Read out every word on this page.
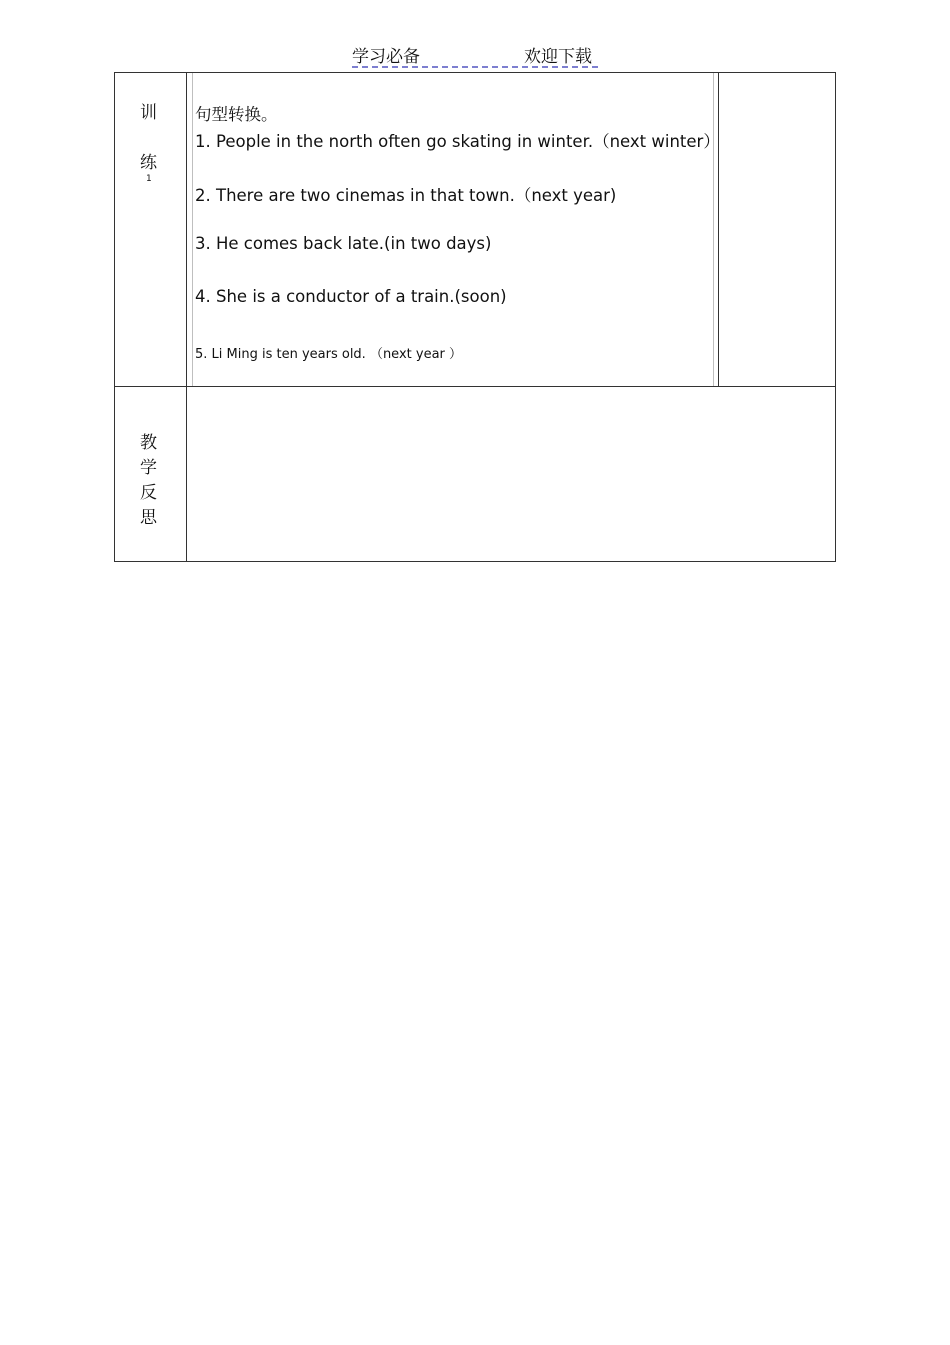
学习必备	欢迎下载
训
练
1
句型转换。
1. People in the north often go skating in winter.（next winter）
2. There are two cinemas in that town.（next year)
3. He comes back late.(in two days)
4. She is a conductor of a train.(soon)
5. Li Ming is ten years old. （next year ）
教
学
反
思
